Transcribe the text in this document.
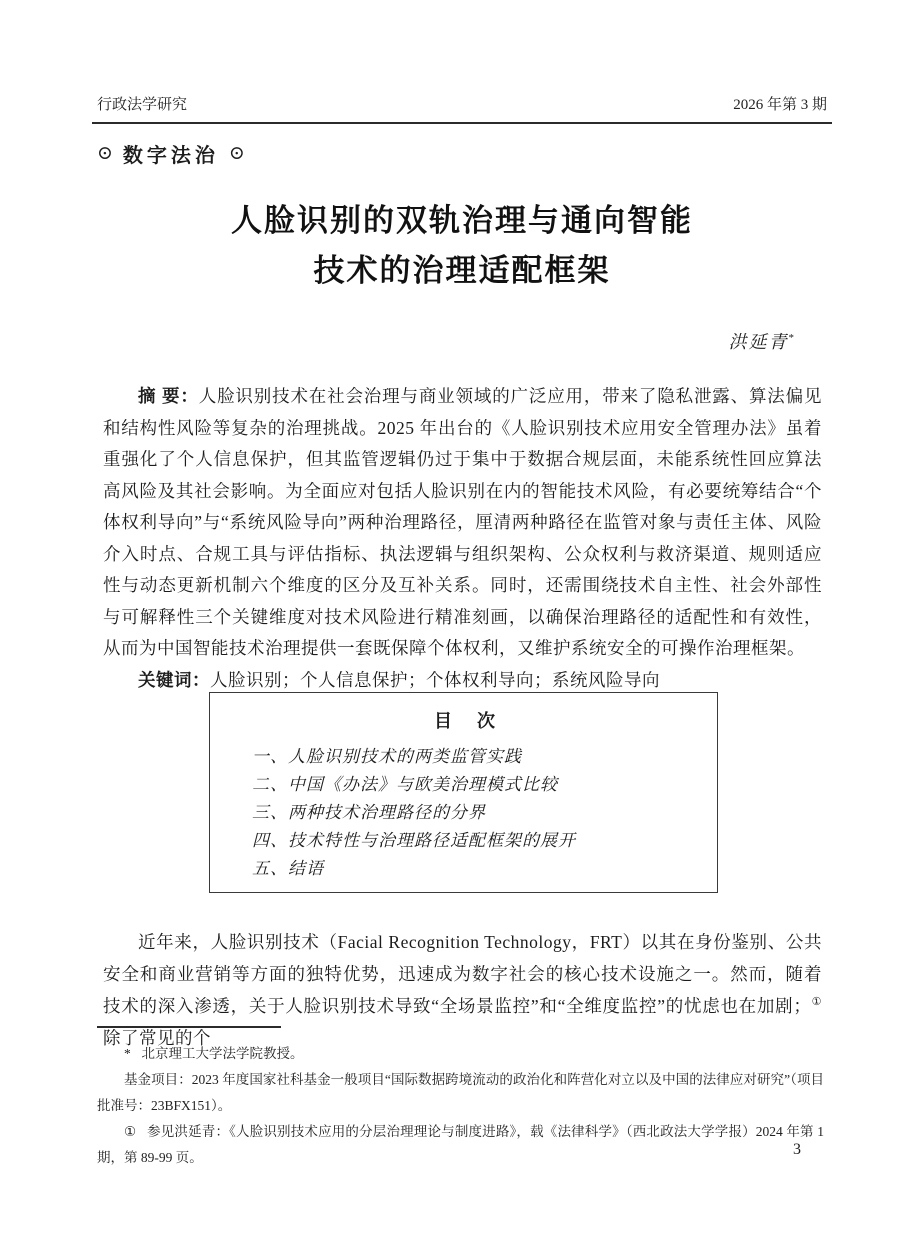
行政法学研究	2026 年第 3 期
⊙ 数字法治 ⊙
人脸识别的双轨治理与通向智能
技术的治理适配框架
洪延青*

摘 要：人脸识别技术在社会治理与商业领域的广泛应用，带来了隐私泄露、算法偏见和结构性风险等复杂的治理挑战。2025 年出台的《人脸识别技术应用安全管理办法》虽着重强化了个人信息保护，但其监管逻辑仍过于集中于数据合规层面，未能系统性回应算法高风险及其社会影响。为全面应对包括人脸识别在内的智能技术风险，有必要统筹结合“个体权利导向”与“系统风险导向”两种治理路径，厘清两种路径在监管对象与责任主体、风险介入时点、合规工具与评估指标、执法逻辑与组织架构、公众权利与救济渠道、规则适应性与动态更新机制六个维度的区分及互补关系。同时，还需围绕技术自主性、社会外部性与可解释性三个关键维度对技术风险进行精准刻画，以确保治理路径的适配性和有效性，从而为中国智能技术治理提供一套既保障个体权利，又维护系统安全的可操作治理框架。

关键词：人脸识别；个人信息保护；个体权利导向；系统风险导向

目 次
一、人脸识别技术的两类监管实践
二、中国《办法》与欧美治理模式比较
三、两种技术治理路径的分界
四、技术特性与治理路径适配框架的展开
五、结语

近年来，人脸识别技术（Facial Recognition Technology，FRT）以其在身份鉴别、公共安全和商业营销等方面的独特优势，迅速成为数字社会的核心技术设施之一。然而，随着技术的深入渗透，关于人脸识别技术导致“全场景监控”和“全维度监控”的忧虑也在加剧；①除了常见的个

* 北京理工大学法学院教授。

基金项目：2023 年度国家社科基金一般项目“国际数据跨境流动的政治化和阵营化对立以及中国的法律应对研究”（项目批准号：23BFX151）。

① 参见洪延青：《人脸识别技术应用的分层治理理论与制度进路》，载《法律科学》（西北政法大学学报）2024 年第 1 期，第 89-99 页。	3
